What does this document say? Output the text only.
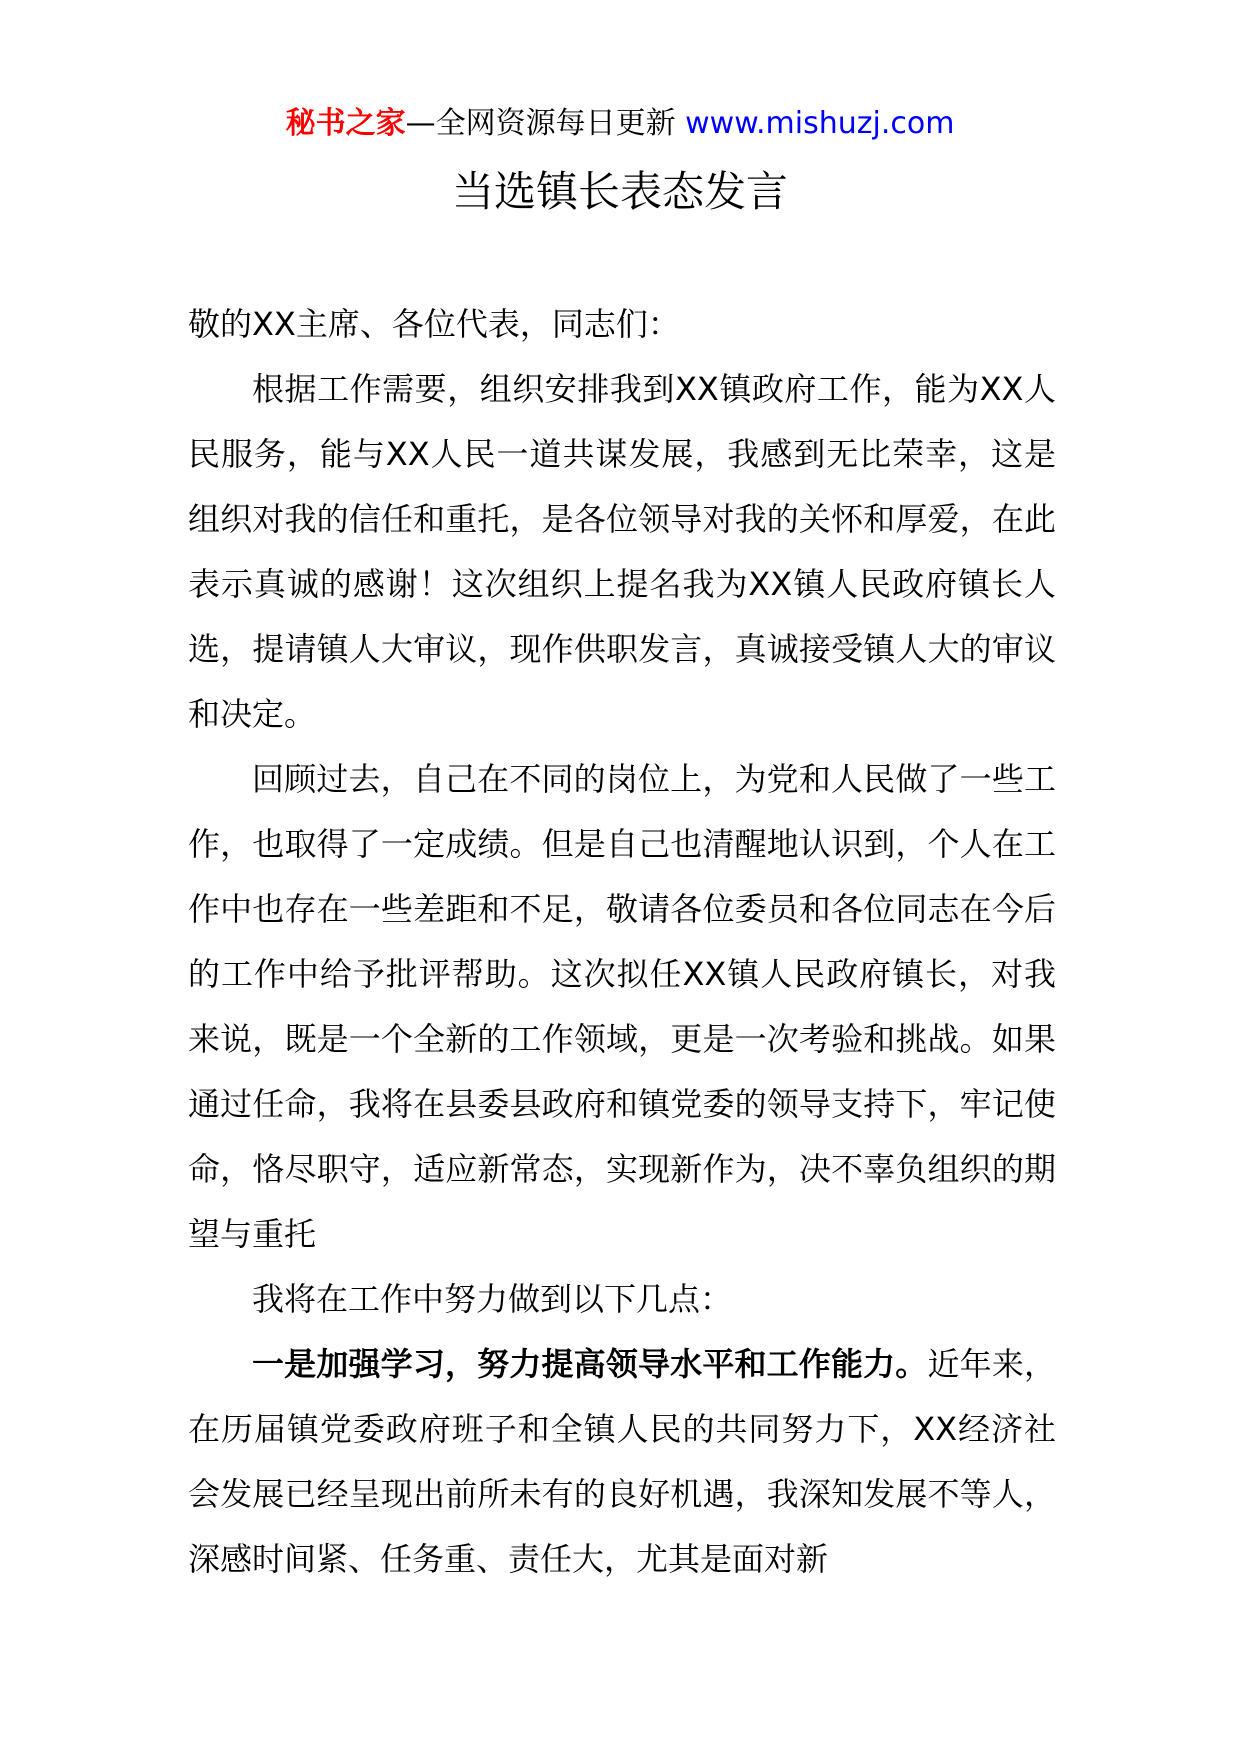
秘书之家—全网资源每日更新 www.mishuzj.com
当选镇长表态发言

敬的XX主席、各位代表，同志们：

根据工作需要，组织安排我到XX镇政府工作，能为XX人民服务，能与XX人民一道共谋发展，我感到无比荣幸，这是组织对我的信任和重托，是各位领导对我的关怀和厚爱，在此表示真诚的感谢！这次组织上提名我为XX镇人民政府镇长人选，提请镇人大审议，现作供职发言，真诚接受镇人大的审议和决定。

回顾过去，自己在不同的岗位上，为党和人民做了一些工作，也取得了一定成绩。但是自己也清醒地认识到，个人在工作中也存在一些差距和不足，敬请各位委员和各位同志在今后的工作中给予批评帮助。这次拟任XX镇人民政府镇长，对我来说，既是一个全新的工作领域，更是一次考验和挑战。如果通过任命，我将在县委县政府和镇党委的领导支持下，牢记使命，恪尽职守，适应新常态，实现新作为，决不辜负组织的期望与重托

我将在工作中努力做到以下几点：

一是加强学习，努力提高领导水平和工作能力。近年来，在历届镇党委政府班子和全镇人民的共同努力下，XX经济社会发展已经呈现出前所未有的良好机遇，我深知发展不等人，深感时间紧、任务重、责任大，尤其是面对新
